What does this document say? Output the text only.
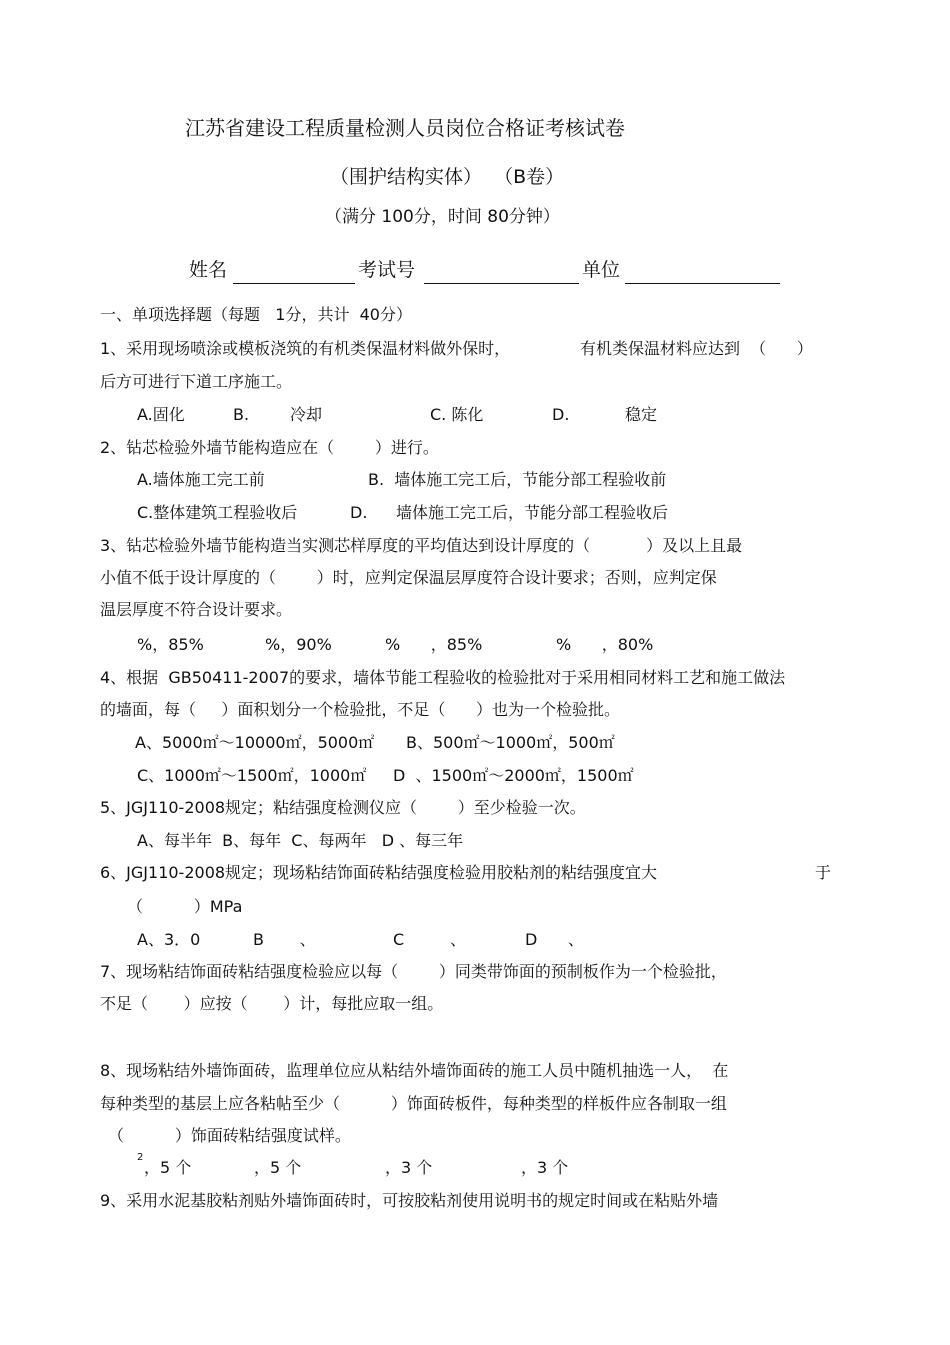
江苏省建设工程质量检测人员岗位合格证考核试卷
（围护结构实体）  （B卷）
（满分 100分，时间 80分钟）
姓名	考试号	单位
一、单项选择题（每题   1分，共计  40分）
1、采用现场喷涂或模板浇筑的有机类保温材料做外保时，	有机类保温材料应达到  （      ）
后方可进行下道工序施工。
A.固化	B.	冷却	C. 陈化	D.	稳定
2、钻芯检验外墙节能构造应在（        ）进行。
A.墙体施工完工前	B.  墙体施工完工后，节能分部工程验收前
C.整体建筑工程验收后	D. 墙体施工完工后，节能分部工程验收后
3、钻芯检验外墙节能构造当实测芯样厚度的平均值达到设计厚度的（           ）及以上且最
小值不低于设计厚度的（        ）时，应判定保温层厚度符合设计要求；否则，应判定保
温层厚度不符合设计要求。
%，85%	%，90%	%      ，85%	%      ，80%
4、根据  GB50411-2007的要求，墙体节能工程验收的检验批对于采用相同材料工艺和施工做法
的墙面，每（     ）面积划分一个检验批，不足（      ）也为一个检验批。
A、5000㎡～10000㎡，5000㎡ B、500㎡～1000㎡，500㎡
C、1000㎡～1500㎡，1000㎡ D  、1500㎡～2000㎡，1500㎡
5、JGJ110-2008规定；粘结强度检测仪应（        ）至少检验一次。
A、每半年  B、每年  C、每两年   D 、每三年
6、JGJ110-2008规定；现场粘结饰面砖粘结强度检验用胶粘剂的粘结强度宜大	于
（          ）MPa
A、3．0	B       、	C         、	D      、
7、现场粘结饰面砖粘结强度检验应以每（        ）同类带饰面的预制板作为一个检验批，
不足（       ）应按（       ）计，每批应取一组。
8、现场粘结外墙饰面砖，监理单位应从粘结外墙饰面砖的施工人员中随机抽选一人，  在
每种类型的基层上应各粘帖至少（          ）饰面砖板件，每种类型的样板件应各制取一组
（          ）饰面砖粘结强度试样。
2
，5 个	，5 个	，3 个	，3 个
9、采用水泥基胶粘剂贴外墙饰面砖时，可按胶粘剂使用说明书的规定时间或在粘贴外墙
